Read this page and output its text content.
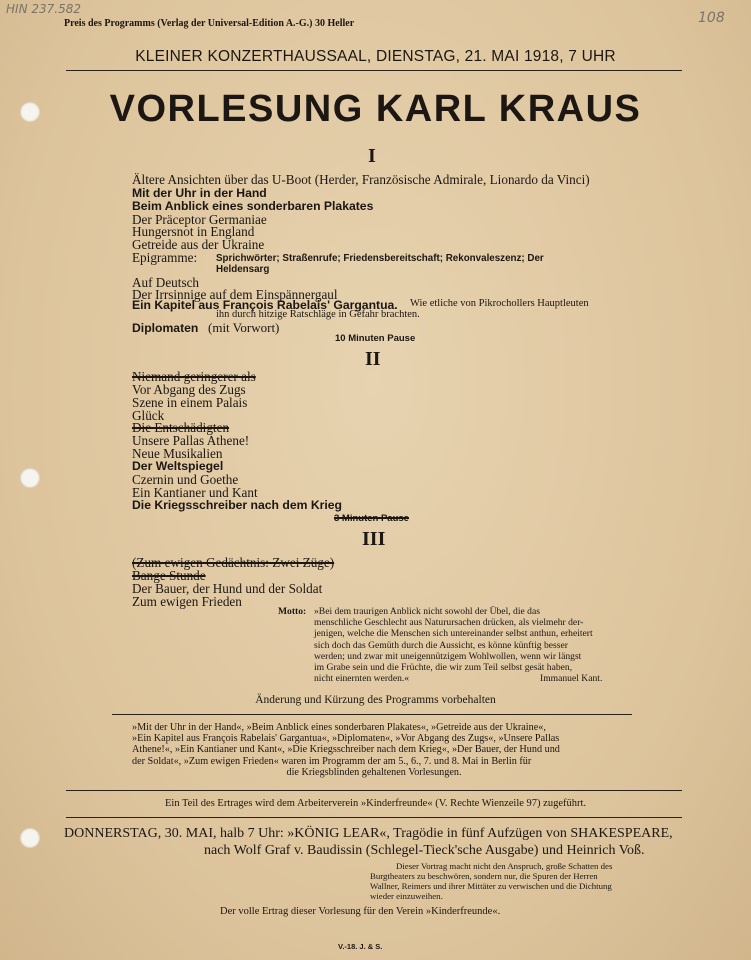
HIN 237.582
108
Preis des Programms (Verlag der Universal-Edition A.-G.) 30 Heller
KLEINER KONZERTHAUSSAAL, DIENSTAG, 21. MAI 1918, 7 UHR
VORLESUNG KARL KRAUS
I
Ältere Ansichten über das U-Boot (Herder, Französische Admirale, Lionardo da Vinci)
Mit der Uhr in der Hand
Beim Anblick eines sonderbaren Plakates
Der Präceptor Germaniae
Hungersnot in England
Getreide aus der Ukraine
Epigramme: Sprichwörter; Straßenrufe; Friedensbereitschaft; Rekonvaleszenz; Der
Heldensarg
Auf Deutsch
Der Irrsinnige auf dem Einspännergaul
Ein Kapitel aus François Rabelais' Gargantua. Wie etliche von Pikrochollers Hauptleuten
ihn durch hitzige Ratschläge in Gefahr brachten.
Diplomaten (mit Vorwort)
10 Minuten Pause
II
Niemand geringerer als
Vor Abgang des Zugs
Szene in einem Palais
Glück
Die Entschädigten
Unsere Pallas Athene!
Neue Musikalien
Der Weltspiegel
Czernin und Goethe
Ein Kantianer und Kant
Die Kriegsschreiber nach dem Krieg
3 Minuten Pause
III
(Zum ewigen Gedächtnis: Zwei Züge)
Bange Stunde
Der Bauer, der Hund und der Soldat
Zum ewigen Frieden
Motto: »Bei dem traurigen Anblick nicht sowohl der Übel, die das
menschliche Geschlecht aus Naturursachen drücken, als vielmehr der-
jenigen, welche die Menschen sich untereinander selbst anthun, erheitert
sich doch das Gemüth durch die Aussicht, es könne künftig besser
werden; und zwar mit uneigennützigem Wohlwollen, wenn wir längst
im Grabe sein und die Früchte, die wir zum Teil selbst gesät haben,
nicht einernten werden.«	Immanuel Kant.
Änderung und Kürzung des Programms vorbehalten
»Mit der Uhr in der Hand«, »Beim Anblick eines sonderbaren Plakates«, »Getreide aus der Ukraine«,
»Ein Kapitel aus François Rabelais' Gargantua«, »Diplomaten«, »Vor Abgang des Zugs«, »Unsere Pallas
Athene!«, »Ein Kantianer und Kant«, »Die Kriegsschreiber nach dem Krieg«, »Der Bauer, der Hund und
der Soldat«, »Zum ewigen Frieden« waren im Programm der am 5., 6., 7. und 8. Mai in Berlin für
die Kriegsblinden gehaltenen Vorlesungen.
Ein Teil des Ertrages wird dem Arbeiterverein »Kinderfreunde« (V. Rechte Wienzeile 97) zugeführt.
DONNERSTAG, 30. MAI, halb 7 Uhr: »KÖNIG LEAR«, Tragödie in fünf Aufzügen von SHAKESPEARE,
nach Wolf Graf v. Baudissin (Schlegel-Tieck'sche Ausgabe) und Heinrich Voß.
Dieser Vortrag macht nicht den Anspruch, große Schatten des
Burgtheaters zu beschwören, sondern nur, die Spuren der Herren
Wallner, Reimers und ihrer Mittäter zu verwischen und die Dichtung
wieder einzuweihen.
Der volle Ertrag dieser Vorlesung für den Verein »Kinderfreunde«.
V.-18. J. & S.
